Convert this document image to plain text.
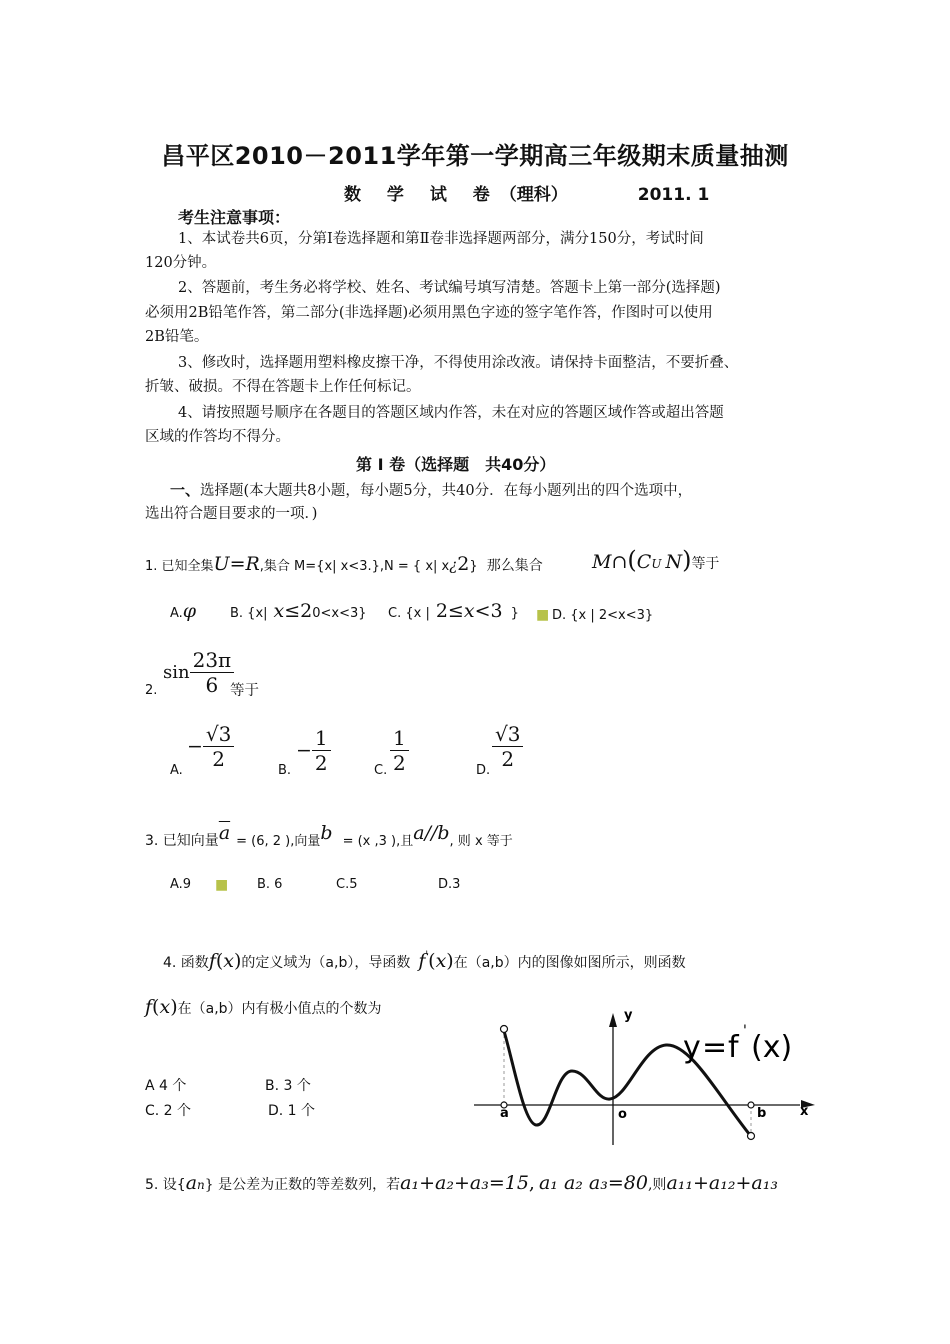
昌平区2010－2011学年第一学期高三年级期末质量抽测
数 学 试 卷（理科）	2011. 1
考生注意事项：
1、本试卷共6页，分第Ⅰ卷选择题和第Ⅱ卷非选择题两部分，满分150分，考试时间
120分钟。
2、答题前，考生务必将学校、姓名、考试编号填写清楚。答题卡上第一部分(选择题)
必须用2B铅笔作答，第二部分(非选择题)必须用黑色字迹的签字笔作答，作图时可以使用
2B铅笔。
3、修改时，选择题用塑料橡皮擦干净，不得使用涂改液。请保持卡面整洁，不要折叠、
折皱、破损。不得在答题卡上作任何标记。
4、请按照题号顺序在各题目的答题区域内作答，未在对应的答题区域作答或超出答题
区域的作答均不得分。
第 I 卷（选择题　共40分）
一、选择题(本大题共8小题，每小题5分，共40分．在每小题列出的四个选项中，
选出符合题目要求的一项．)
1. 已知全集U=R,集合 M={x| x<3.},N = { x| x¿2} 那么集合	M∩(CU N)等于
A.φ	B. {x| x≤20<x<3} C. {x | 2≤x<3 } ■ D. {x | 2<x<3}
$\sin \frac{23\pi}{6}$
2.	等于
A.
− $\frac{√3}{2}$	B.
− $\frac{1}{2}$	C. $\frac{1}{2}$	D. $\frac{√3}{2}$
3. 已知向量$\overline{a} = (6$, 2 ),向量b = (x ,3 ),且a//b, 则 x 等于
A.9 ■ B. 6	C.5	D.3
4. 函数f(x)的定义域为（a,b），导函数 f'(x)在（a,b）内的图像如图所示，则函数
f(x)在（a,b）内有极小值点的个数为
A 4 个	B. 3 个
C. 2 个	D. 1 个
y
x
a	b
o
y = f ' (x)
5. 设{an} 是公差为正数的等差数列，若a₁+a₂+a₃=15, a₁ a₂ a₃=80,则a₁₁+a₁₂+a₁₃
